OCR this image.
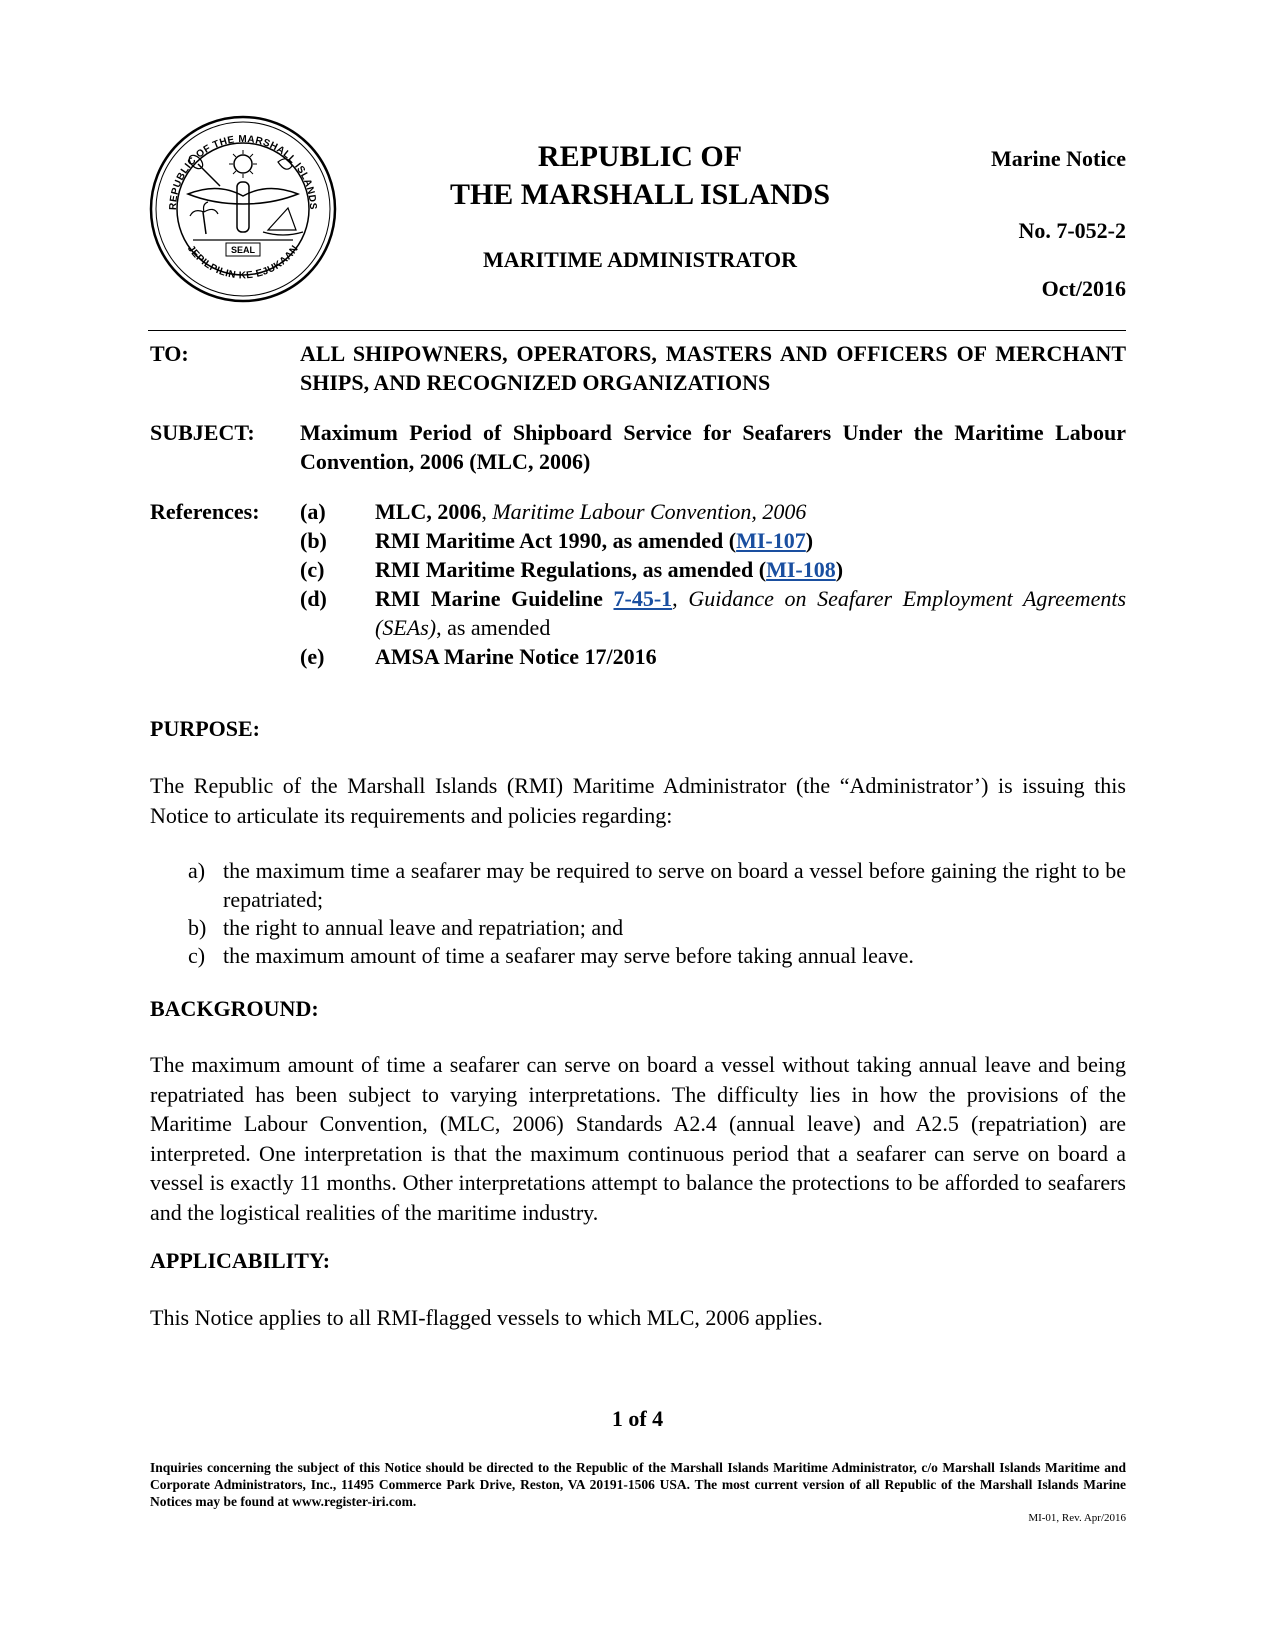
REPUBLIC OF THE MARSHALL ISLANDS
JEPILPILIN KE EJUKAAN
SEAL
REPUBLIC OF
THE MARSHALL ISLANDS
MARITIME ADMINISTRATOR
Marine Notice
No. 7-052-2
Oct/2016
TO:	ALL SHIPOWNERS, OPERATORS, MASTERS AND OFFICERS OF MERCHANT SHIPS, AND RECOGNIZED ORGANIZATIONS
SUBJECT: Maximum Period of Shipboard Service for Seafarers Under the Maritime Labour Convention, 2006 (MLC, 2006)
References: (a) MLC, 2006, Maritime Labour Convention, 2006
(b) RMI Maritime Act 1990, as amended (MI-107)
(c) RMI Maritime Regulations, as amended (MI-108)
(d) RMI Marine Guideline 7-45-1, Guidance on Seafarer Employment Agreements (SEAs), as amended
(e) AMSA Marine Notice 17/2016
PURPOSE:
The Republic of the Marshall Islands (RMI) Maritime Administrator (the “Administrator’) is issuing this Notice to articulate its requirements and policies regarding:
a) the maximum time a seafarer may be required to serve on board a vessel before gaining the right to be repatriated;
b) the right to annual leave and repatriation; and
c) the maximum amount of time a seafarer may serve before taking annual leave.
BACKGROUND:
The maximum amount of time a seafarer can serve on board a vessel without taking annual leave and being repatriated has been subject to varying interpretations. The difficulty lies in how the provisions of the Maritime Labour Convention, (MLC, 2006) Standards A2.4 (annual leave) and A2.5 (repatriation) are interpreted. One interpretation is that the maximum continuous period that a seafarer can serve on board a vessel is exactly 11 months. Other interpretations attempt to balance the protections to be afforded to seafarers and the logistical realities of the maritime industry.
APPLICABILITY:
This Notice applies to all RMI-flagged vessels to which MLC, 2006 applies.
1 of 4
Inquiries concerning the subject of this Notice should be directed to the Republic of the Marshall Islands Maritime Administrator, c/o Marshall Islands Maritime and Corporate Administrators, Inc., 11495 Commerce Park Drive, Reston, VA 20191-1506 USA. The most current version of all Republic of the Marshall Islands Marine Notices may be found at www.register-iri.com.
MI-01, Rev. Apr/2016
